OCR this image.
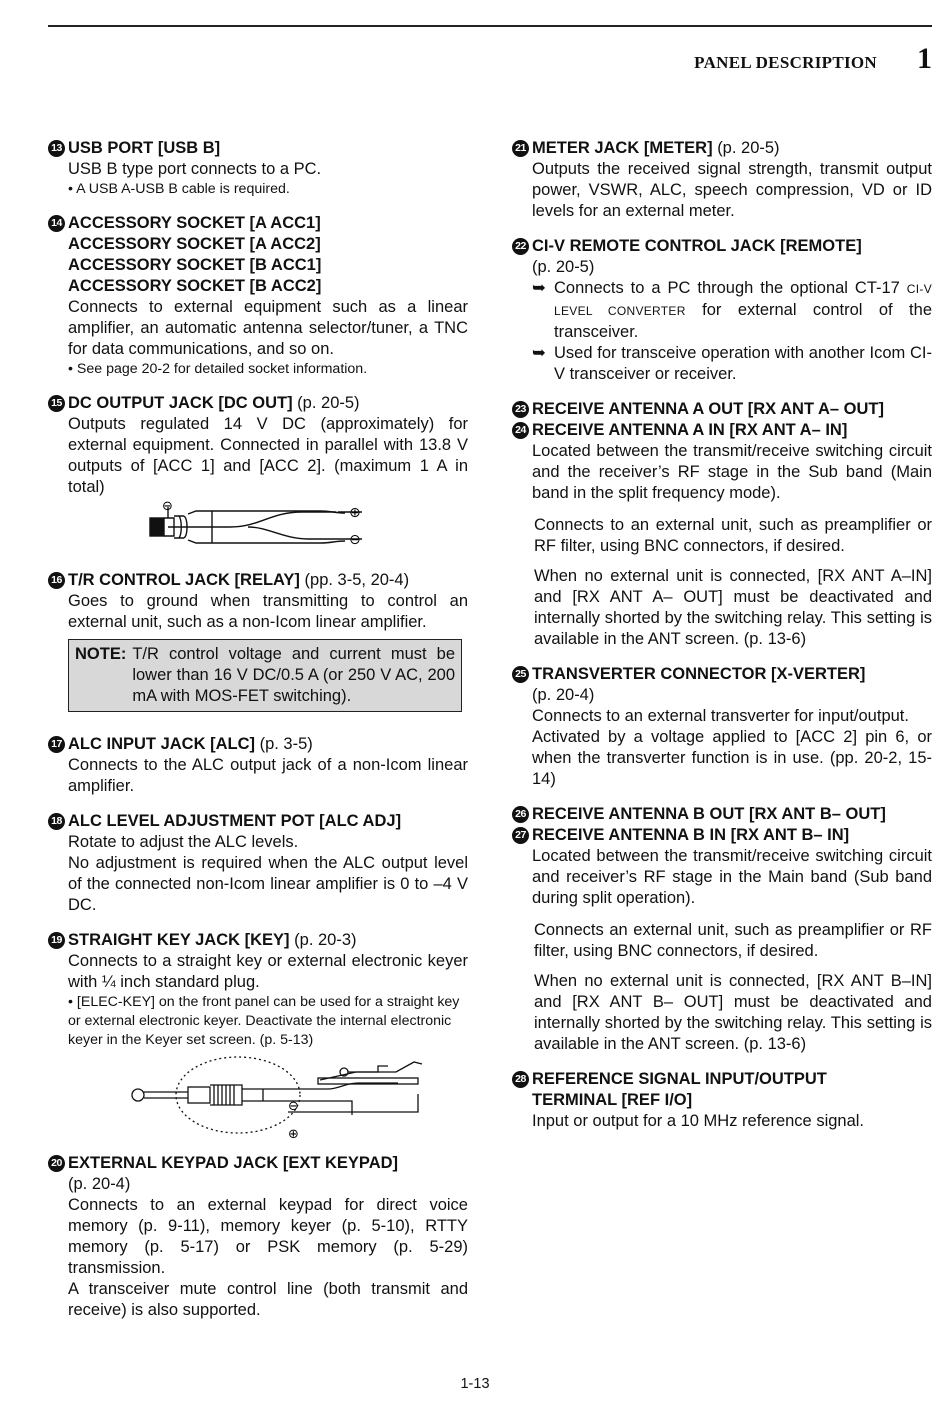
PANEL DESCRIPTION 1
13 USB PORT [USB B]
USB B type port connects to a PC.
• A USB A-USB B cable is required.
14 ACCESSORY SOCKET [A ACC1]
ACCESSORY SOCKET [A ACC2]
ACCESSORY SOCKET [B ACC1]
ACCESSORY SOCKET [B ACC2]
Connects to external equipment such as a linear amplifier, an automatic antenna selector/tuner, a TNC for data communications, and so on.
• See page 20-2 for detailed socket information.
15 DC OUTPUT JACK [DC OUT] (p. 20-5)
Outputs regulated 14 V DC (approximately) for external equipment. Connected in parallel with 13.8 V outputs of [ACC 1] and [ACC 2]. (maximum 1 A in total)
⊖	⊕
⊖
16 T/R CONTROL JACK [RELAY] (pp. 3-5, 20-4)
Goes to ground when transmitting to control an external unit, such as a non-Icom linear amplifier.
NOTE: T/R control voltage and current must be lower than 16 V DC/0.5 A (or 250 V AC, 200 mA with MOS-FET switching).
17 ALC INPUT JACK [ALC] (p. 3-5)
Connects to the ALC output jack of a non-Icom linear amplifier.
18 ALC LEVEL ADJUSTMENT POT [ALC ADJ]
Rotate to adjust the ALC levels.
No adjustment is required when the ALC output level of the connected non-Icom linear amplifier is 0 to –4 V DC.
19 STRAIGHT KEY JACK [KEY] (p. 20-3)
Connects to a straight key or external electronic keyer with ¼ inch standard plug.
• [ELEC-KEY] on the front panel can be used for a straight key or external electronic keyer. Deactivate the internal electronic keyer in the Keyer set screen. (p. 5-13)
⊖
⊕
20 EXTERNAL KEYPAD JACK [EXT KEYPAD]
(p. 20-4)
Connects to an external keypad for direct voice memory (p. 9-11), memory keyer (p. 5-10), RTTY memory (p. 5-17) or PSK memory (p. 5-29) transmission.
A transceiver mute control line (both transmit and receive) is also supported.
21 METER JACK [METER] (p. 20-5)
Outputs the received signal strength, transmit output power, VSWR, ALC, speech compression, VD or ID levels for an external meter.
22 CI-V REMOTE CONTROL JACK [REMOTE]
(p. 20-5)
➥ Connects to a PC through the optional CT-17 CI-V LEVEL CONVERTER for external control of the transceiver.
➥ Used for transceive operation with another Icom CI-V transceiver or receiver.
23 RECEIVE ANTENNA A OUT [RX ANT A– OUT]
24 RECEIVE ANTENNA A IN [RX ANT A– IN]
Located between the transmit/receive switching circuit and the receiver’s RF stage in the Sub band (Main band in the split frequency mode).

Connects to an external unit, such as preamplifier or RF filter, using BNC connectors, if desired.

When no external unit is connected, [RX ANT A–IN] and [RX ANT A– OUT] must be deactivated and internally shorted by the switching relay. This setting is available in the ANT screen. (p. 13-6)

25 TRANSVERTER CONNECTOR [X-VERTER]
(p. 20-4)
Connects to an external transverter for input/output.
Activated by a voltage applied to [ACC 2] pin 6, or when the transverter function is in use. (pp. 20-2, 15-14)
26 RECEIVE ANTENNA B OUT [RX ANT B– OUT]
27 RECEIVE ANTENNA B IN [RX ANT B– IN]
Located between the transmit/receive switching circuit and receiver’s RF stage in the Main band (Sub band during split operation).

Connects an external unit, such as preamplifier or RF filter, using BNC connectors, if desired.

When no external unit is connected, [RX ANT B–IN] and [RX ANT B– OUT] must be deactivated and internally shorted by the switching relay. This setting is available in the ANT screen. (p. 13-6)

28 REFERENCE SIGNAL INPUT/OUTPUT
TERMINAL [REF I/O]
Input or output for a 10 MHz reference signal.
1-13
